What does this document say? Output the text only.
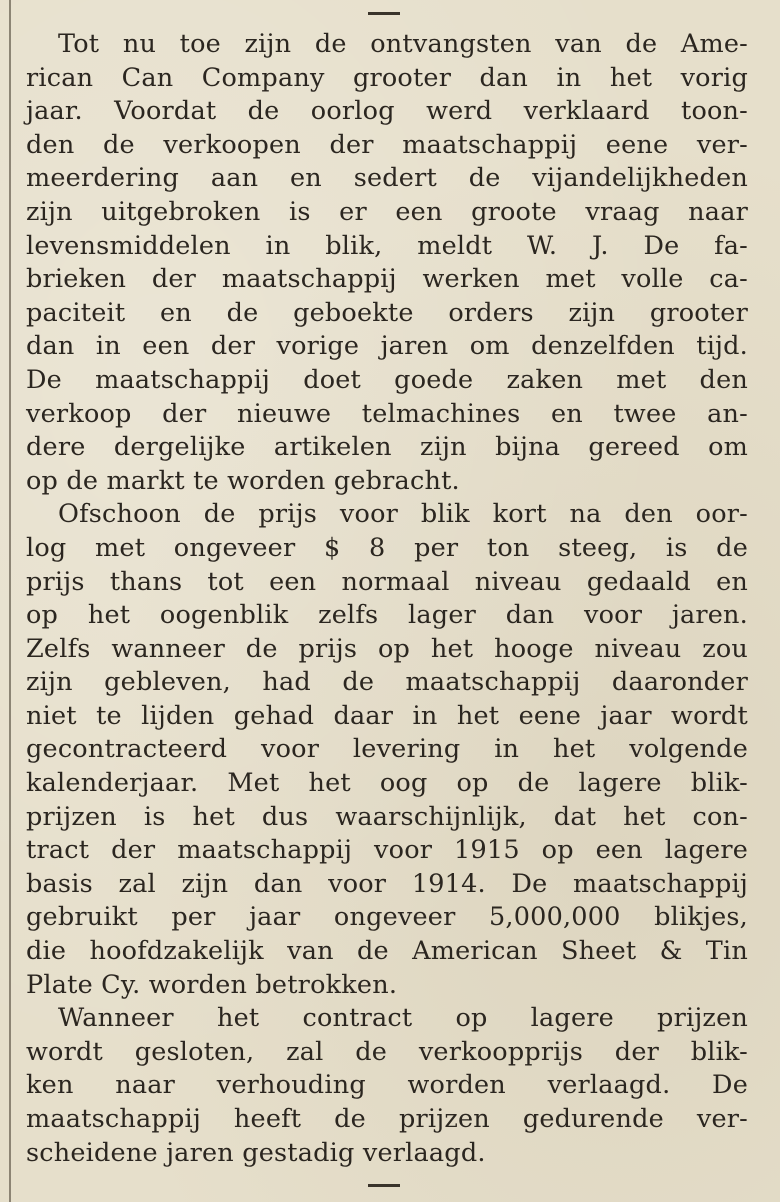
Tot nu toe zijn de ontvangsten van de Ame-
rican Can Company grooter dan in het vorig
jaar. Voordat de oorlog werd verklaard toon-
den de verkoopen der maatschappij eene ver-
meerdering aan en sedert de vijandelijkheden
zijn uitgebroken is er een groote vraag naar
levensmiddelen in blik, meldt W. J. De fa-
brieken der maatschappij werken met volle ca-
paciteit en de geboekte orders zijn grooter
dan in een der vorige jaren om denzelfden tijd.
De maatschappij doet goede zaken met den
verkoop der nieuwe telmachines en twee an-
dere dergelijke artikelen zijn bijna gereed om
op de markt te worden gebracht.
Ofschoon de prijs voor blik kort na den oor-
log met ongeveer $ 8 per ton steeg, is de
prijs thans tot een normaal niveau gedaald en
op het oogenblik zelfs lager dan voor jaren.
Zelfs wanneer de prijs op het hooge niveau zou
zijn gebleven, had de maatschappij daaronder
niet te lijden gehad daar in het eene jaar wordt
gecontracteerd voor levering in het volgende
kalenderjaar. Met het oog op de lagere blik-
prijzen is het dus waarschijnlijk, dat het con-
tract der maatschappij voor 1915 op een lagere
basis zal zijn dan voor 1914. De maatschappij
gebruikt per jaar ongeveer 5,000,000 blikjes,
die hoofdzakelijk van de American Sheet & Tin
Plate Cy. worden betrokken.
Wanneer het contract op lagere prijzen
wordt gesloten, zal de verkoopprijs der blik-
ken naar verhouding worden verlaagd. De
maatschappij heeft de prijzen gedurende ver-
scheidene jaren gestadig verlaagd.
